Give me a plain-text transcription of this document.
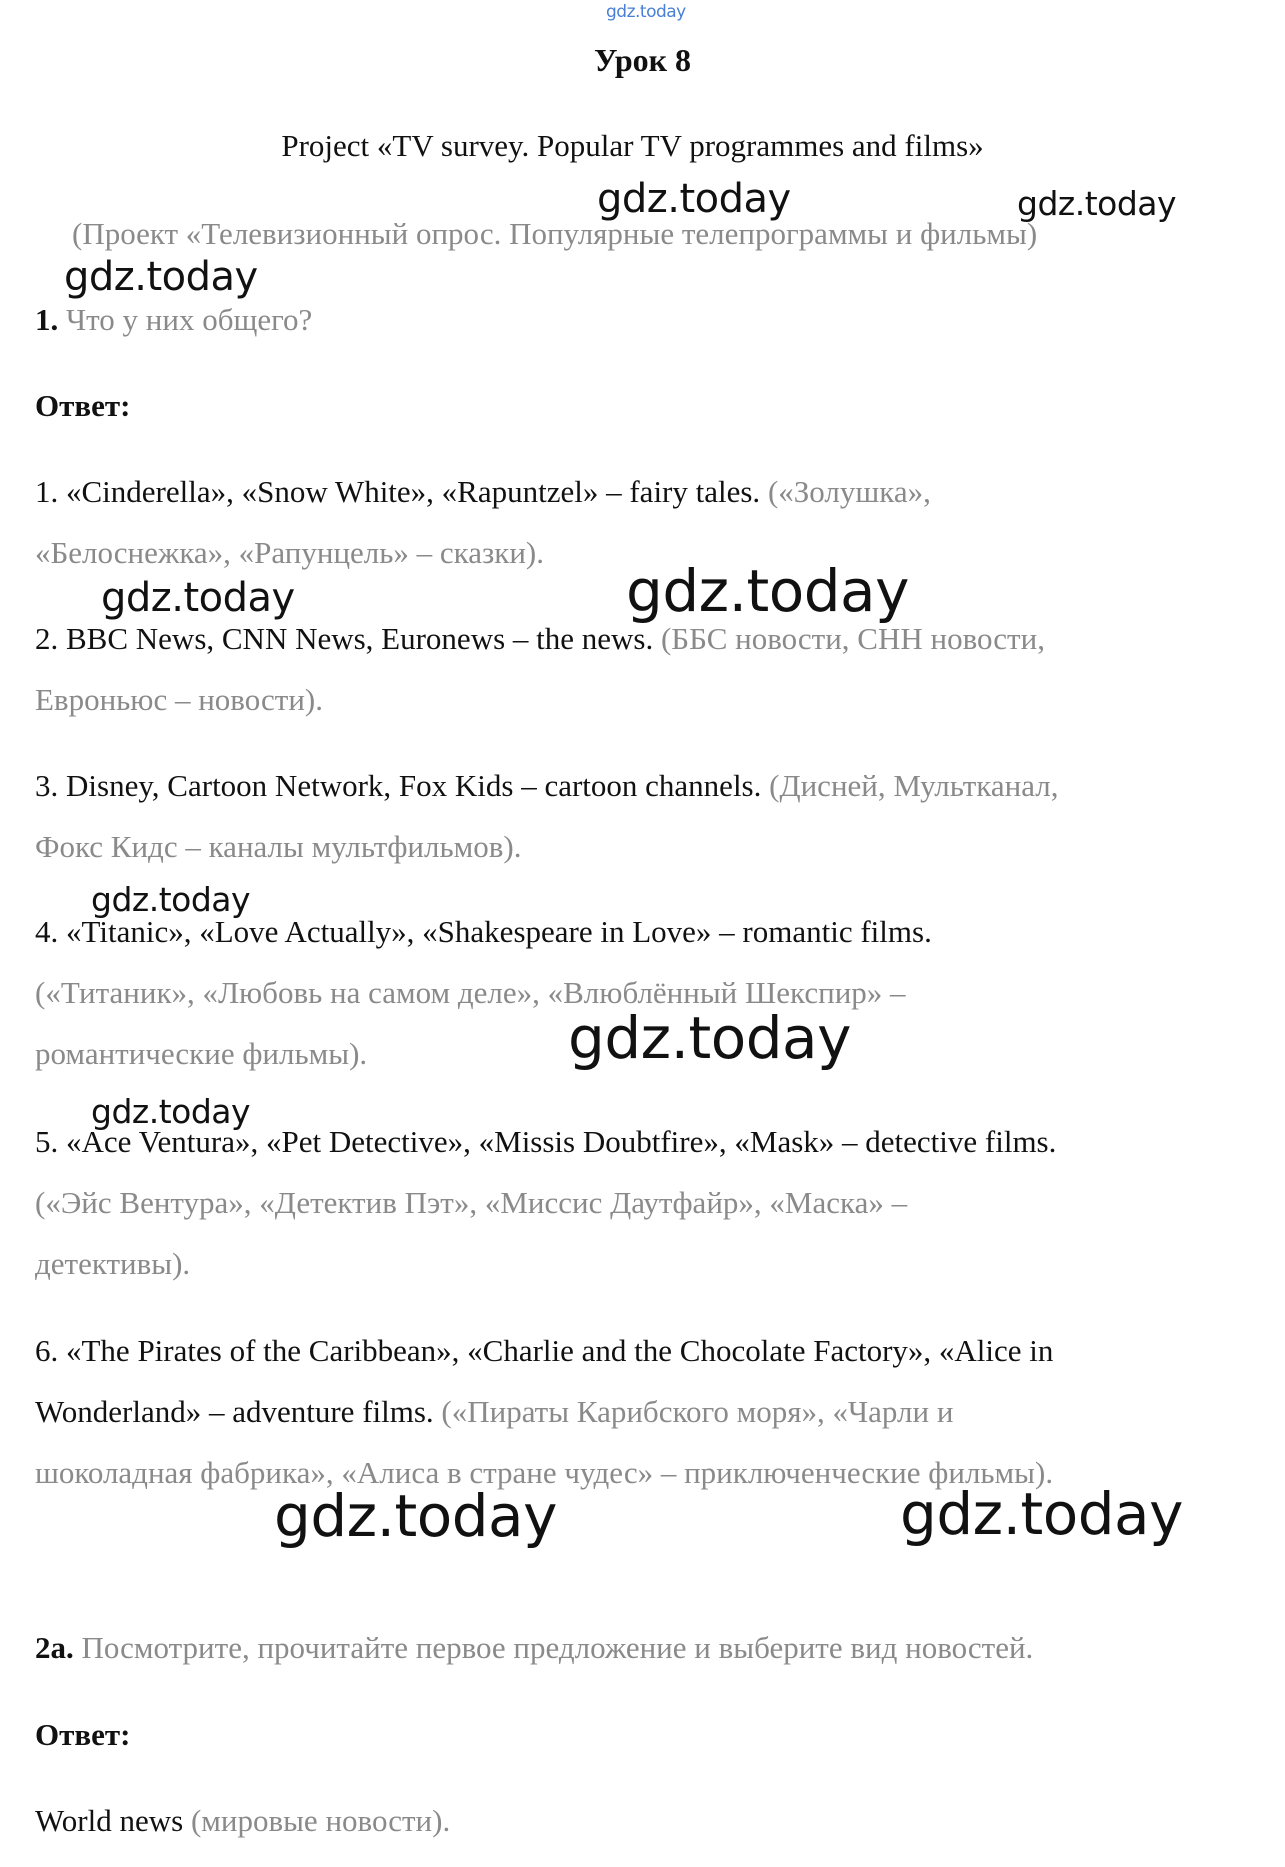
gdz.today
Урок 8
Project «TV survey. Popular TV programmes and films»
(Проект «Телевизионный опрос. Популярные телепрограммы и фильмы)
1. Что у них общего?
Ответ:
1. «Cinderella», «Snow White», «Rapuntzel» – fairy tales. («Золушка»,
«Белоснежка», «Рапунцель» – сказки).
2. BBC News, CNN News, Euronews – the news. (ББС новости, СНН новости,
Евроньюс – новости).
3. Disney, Cartoon Network, Fox Kids – cartoon channels. (Дисней, Мультканал,
Фокс Кидс – каналы мультфильмов).
4. «Titanic», «Love Actually», «Shakespeare in Love» – romantic films.
(«Титаник», «Любовь на самом деле», «Влюблённый Шекспир» –
романтические фильмы).
5. «Ace Ventura», «Pet Detective», «Missis Doubtfire», «Mask» – detective films.
(«Эйс Вентура», «Детектив Пэт», «Миссис Даутфайр», «Маска» –
детективы).
6. «The Pirates of the Caribbean», «Charlie and the Chocolate Factory», «Alice in
Wonderland» – adventure films. («Пираты Карибского моря», «Чарли и
шоколадная фабрика», «Алиса в стране чудес» – приключенческие фильмы).
2a. Посмотрите, прочитайте первое предложение и выберите вид новостей.
Ответ:
World news (мировые новости).
gdz.today	gdz.today
gdz.today
gdz.today	gdz.today
gdz.today
gdz.today
gdz.today
gdz.today	gdz.today
